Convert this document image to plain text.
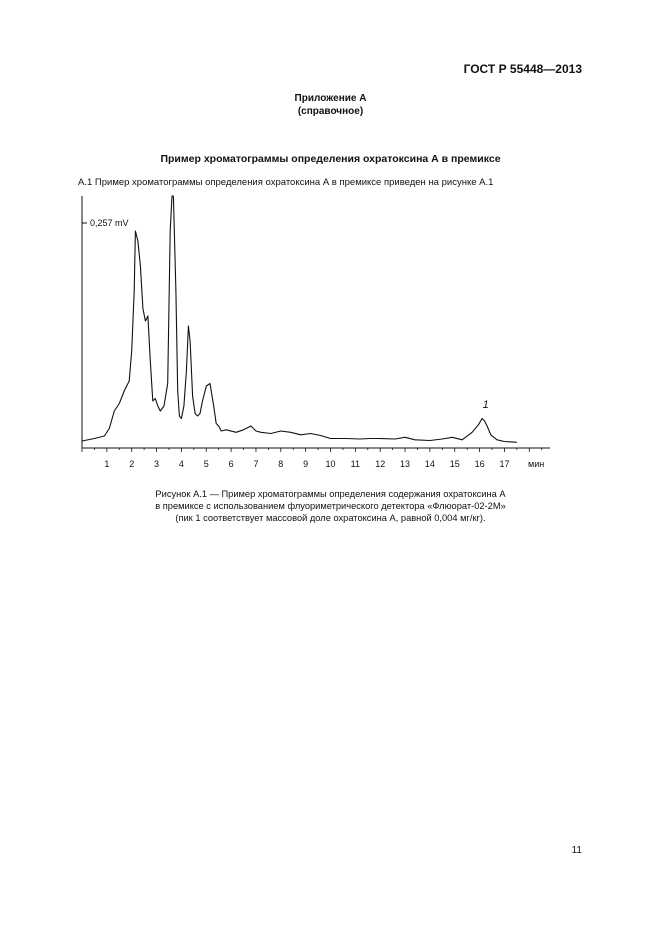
ГОСТ Р 55448—2013
Приложение А
(справочное)
Пример хроматограммы определения охратоксина А в премиксе
А.1 Пример хроматограммы определения охратоксина А в премиксе приведен на рисунке А.1
0,257 mV
1 2 3 4 5 6 7 8 9 10 11 12 13 14 15 16 17 мин
1
Рисунок А.1 — Пример хроматограммы определения содержания охратоксина А
в премиксе с использованием флуориметрического детектора «Флюорат-02-2М»
(пик 1 соответствует массовой доле охратоксина А, равной 0,004 мг/кг).
11
